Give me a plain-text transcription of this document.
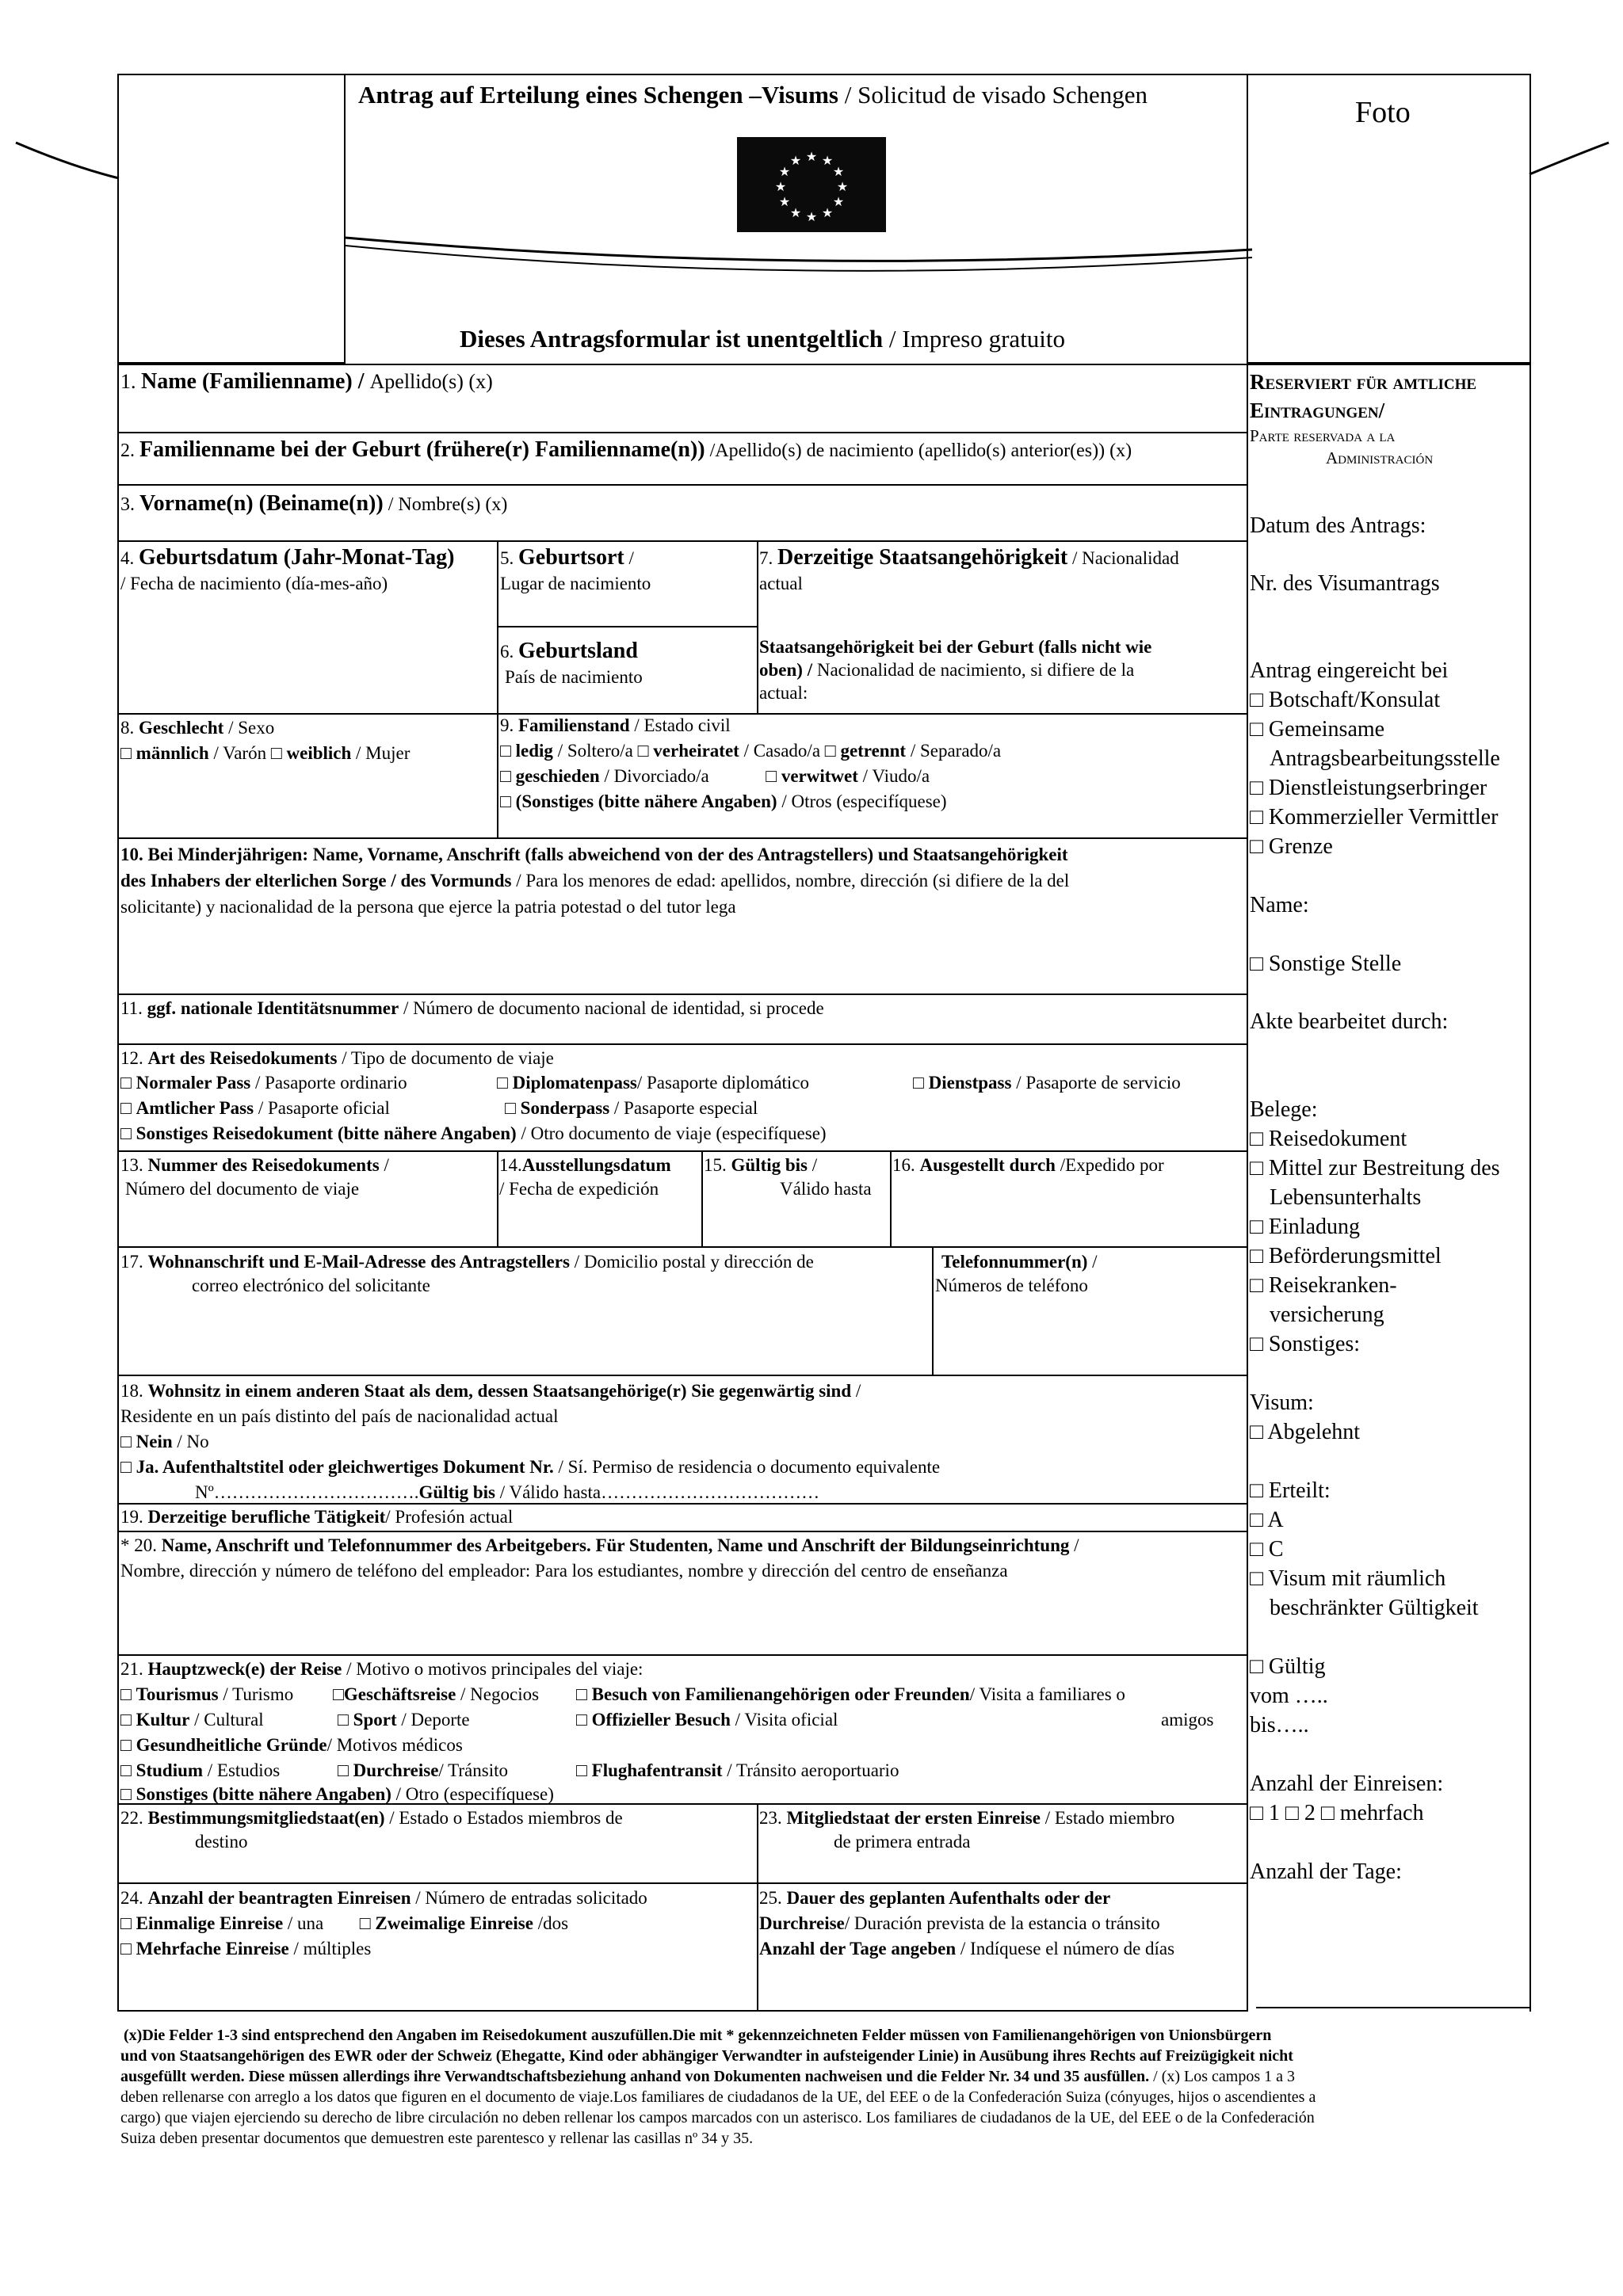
Foto
Antrag auf Erteilung eines Schengen –Visums / Solicitud de visado Schengen
★ ★
★
★
★
★
★
★
★
★
★
★
Dieses Antragsformular ist unentgeltlich / Impreso gratuito
1. Name (Familienname) / Apellido(s) (x)
2. Familienname bei der Geburt (frühere(r) Familienname(n)) /Apellido(s) de nacimiento (apellido(s) anterior(es)) (x)
3. Vorname(n) (Beiname(n)) / Nombre(s) (x)
4. Geburtsdatum (Jahr-Monat-Tag)
/ Fecha de nacimiento (día-mes-año)
5. Geburtsort /
Lugar de nacimiento
6. Geburtsland
País de nacimiento
7. Derzeitige Staatsangehörigkeit / Nacionalidad
actual
Staatsangehörigkeit bei der Geburt (falls nicht wie
oben) / Nacionalidad de nacimiento, si difiere de la
actual:
8. Geschlecht / Sexo
□ männlich / Varón □ weiblich / Mujer
9. Familienstand / Estado civil
□ ledig / Soltero/a □ verheiratet / Casado/a □ getrennt / Separado/a
□ geschieden / Divorciado/a	□ verwitwet / Viudo/a
□ (Sonstiges (bitte nähere Angaben) / Otros (especifíquese)
10. Bei Minderjährigen: Name, Vorname, Anschrift (falls abweichend von der des Antragstellers) und Staatsangehörigkeit
des Inhabers der elterlichen Sorge / des Vormunds / Para los menores de edad: apellidos, nombre, dirección (si difiere de la del
solicitante) y nacionalidad de la persona que ejerce la patria potestad o del tutor lega
11. ggf. nationale Identitätsnummer / Número de documento nacional de identidad, si procede
12. Art des Reisedokuments / Tipo de documento de viaje
□ Normaler Pass / Pasaporte ordinario	□ Diplomatenpass/ Pasaporte diplomático	□ Dienstpass / Pasaporte de servicio
□ Amtlicher Pass / Pasaporte oficial	□ Sonderpass / Pasaporte especial
□ Sonstiges Reisedokument (bitte nähere Angaben) / Otro documento de viaje (especifíquese)
13. Nummer des Reisedokuments /
Número del documento de viaje
14.Ausstellungsdatum
/ Fecha de expedición
15. Gültig bis /
Válido hasta
16. Ausgestellt durch /Expedido por
17. Wohnanschrift und E-Mail-Adresse des Antragstellers / Domicilio postal y dirección de
correo electrónico del solicitante
Telefonnummer(n) /
Números de teléfono
18. Wohnsitz in einem anderen Staat als dem, dessen Staatsangehörige(r) Sie gegenwärtig sind /
Residente en un país distinto del país de nacionalidad actual
□ Nein / No
□ Ja. Aufenthaltstitel oder gleichwertiges Dokument Nr. / Sí. Permiso de residencia o documento equivalente
Nº…………………………….Gültig bis / Válido hasta………………………………
19. Derzeitige berufliche Tätigkeit/ Profesión actual
* 20. Name, Anschrift und Telefonnummer des Arbeitgebers. Für Studenten, Name und Anschrift der Bildungseinrichtung /
Nombre, dirección y número de teléfono del empleador: Para los estudiantes, nombre y dirección del centro de enseñanza
21. Hauptzweck(e) der Reise / Motivo o motivos principales del viaje:
□ Tourismus / Turismo □Geschäftsreise / Negocios □ Besuch von Familienangehörigen oder Freunden/ Visita a familiares o
amigos
□ Kultur / Cultural	□ Sport / Deporte	□ Offizieller Besuch / Visita oficial
□ Gesundheitliche Gründe/ Motivos médicos
□ Studium / Estudios	□ Durchreise/ Tránsito	□ Flughafentransit / Tránsito aeroportuario
□ Sonstiges (bitte nähere Angaben) / Otro (especifíquese)
22. Bestimmungsmitgliedstaat(en) / Estado o Estados miembros de
destino
23. Mitgliedstaat der ersten Einreise / Estado miembro
de primera entrada
24. Anzahl der beantragten Einreisen / Número de entradas solicitado
□ Einmalige Einreise / una □ Zweimalige Einreise /dos
□ Mehrfache Einreise / múltiples
25. Dauer des geplanten Aufenthalts oder der
Durchreise/ Duración prevista de la estancia o tránsito
Anzahl der Tage angeben / Indíquese el número de días
Reserviert für amtliche
Eintragungen/
Parte reservada a la
Administración
Datum des Antrags:
Nr. des Visumantrags
Antrag eingereicht bei
□ Botschaft/Konsulat
□ Gemeinsame
Antragsbearbeitungsstelle
□ Dienstleistungserbringer
□ Kommerzieller Vermittler
□ Grenze
Name:
□ Sonstige Stelle
Akte bearbeitet durch:
Belege:
□ Reisedokument
□ Mittel zur Bestreitung des
Lebensunterhalts
□ Einladung
□ Beförderungsmittel
□ Reisekranken-
versicherung
□ Sonstiges:
Visum:
□ Abgelehnt
□ Erteilt:
□ A
□ C
□ Visum mit räumlich
beschränkter Gültigkeit
□ Gültig
vom …..
bis…..
Anzahl der Einreisen:
□ 1 □ 2 □ mehrfach
Anzahl der Tage:
(x)Die Felder 1-3 sind entsprechend den Angaben im Reisedokument auszufüllen.Die mit * gekennzeichneten Felder müssen von Familienangehörigen von Unionsbürgern
und von Staatsangehörigen des EWR oder der Schweiz (Ehegatte, Kind oder abhängiger Verwandter in aufsteigender Linie) in Ausübung ihres Rechts auf Freizügigkeit nicht
ausgefüllt werden. Diese müssen allerdings ihre Verwandtschaftsbeziehung anhand von Dokumenten nachweisen und die Felder Nr. 34 und 35 ausfüllen. / (x) Los campos 1 a 3
deben rellenarse con arreglo a los datos que figuren en el documento de viaje.Los familiares de ciudadanos de la UE, del EEE o de la Confederación Suiza (cónyuges, hijos o ascendientes a
cargo) que viajen ejerciendo su derecho de libre circulación no deben rellenar los campos marcados con un asterisco. Los familiares de ciudadanos de la UE, del EEE o de la Confederación
Suiza deben presentar documentos que demuestren este parentesco y rellenar las casillas nº 34 y 35.
